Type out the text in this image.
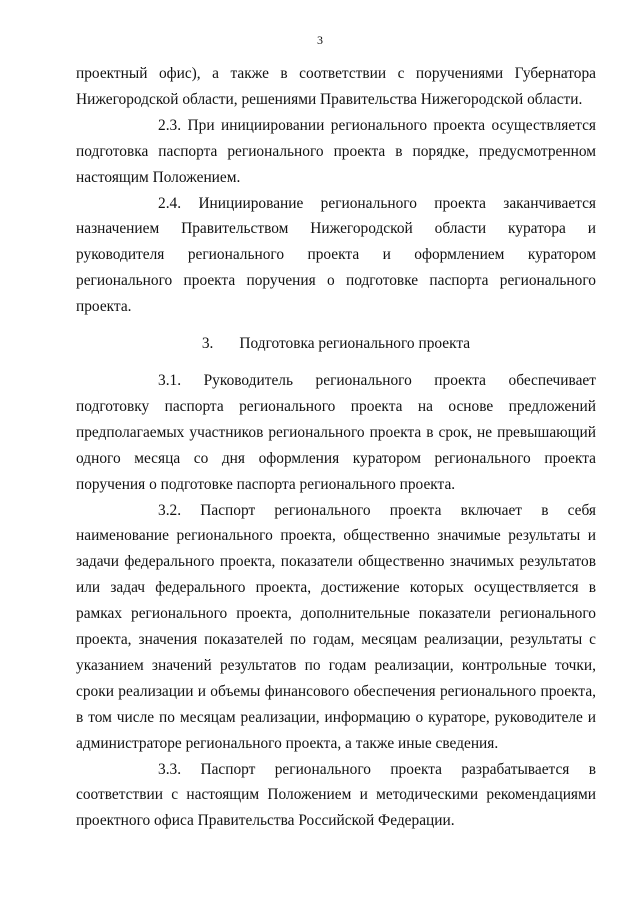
3

проектный офис), а также в соответствии с поручениями Губернатора Нижегородской области, решениями Правительства Нижегородской области.

2.3. При инициировании регионального проекта осуществляется подготовка паспорта регионального проекта в порядке, предусмотренном настоящим Положением.

2.4. Инициирование регионального проекта заканчивается назначением Правительством Нижегородской области куратора и руководителя регионального проекта и оформлением куратором регионального проекта поручения о подготовке паспорта регионального проекта.

3. Подготовка регионального проекта

3.1. Руководитель регионального проекта обеспечивает подготовку паспорта регионального проекта на основе предложений предполагаемых участников регионального проекта в срок, не превышающий одного месяца со дня оформления куратором регионального проекта поручения о подготовке паспорта регионального проекта.

3.2. Паспорт регионального проекта включает в себя наименование регионального проекта, общественно значимые результаты и задачи федерального проекта, показатели общественно значимых результатов или задач федерального проекта, достижение которых осуществляется в рамках регионального проекта, дополнительные показатели регионального проекта, значения показателей по годам, месяцам реализации, результаты с указанием значений результатов по годам реализации, контрольные точки, сроки реализации и объемы финансового обеспечения регионального проекта, в том числе по месяцам реализации, информацию о кураторе, руководителе и администраторе регионального проекта, а также иные сведения.

3.3. Паспорт регионального проекта разрабатывается в соответствии с настоящим Положением и методическими рекомендациями проектного офиса Правительства Российской Федерации.
